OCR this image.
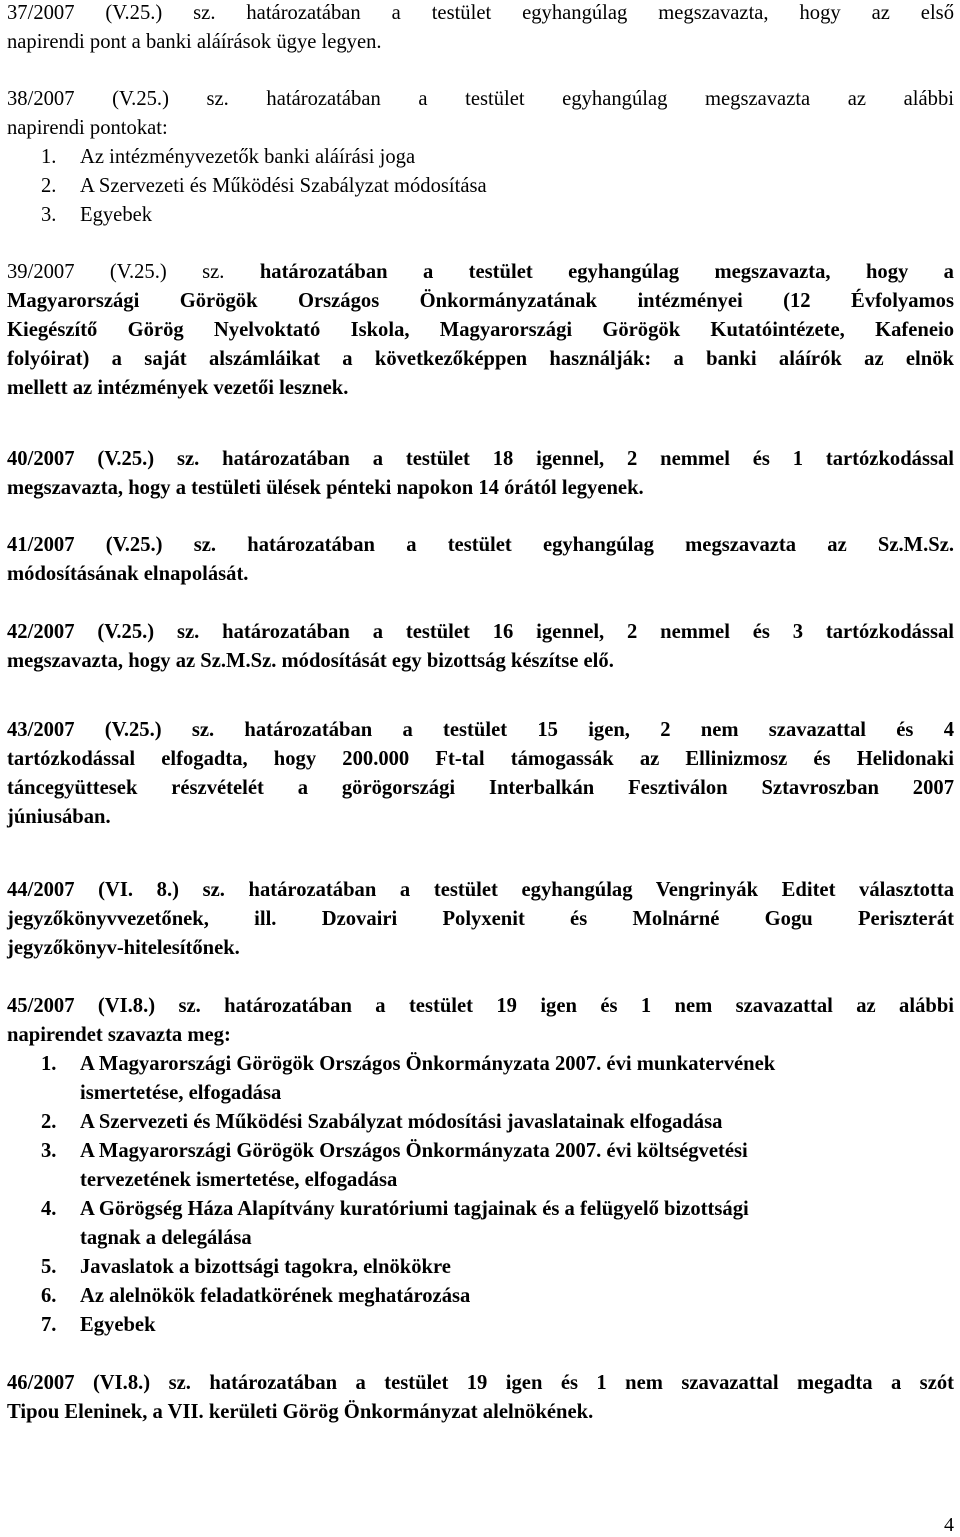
37/2007 (V.25.) sz. határozatában a testület egyhangúlag megszavazta, hogy az első
napirendi pont a banki aláírások ügye legyen.

38/2007 (V.25.) sz. határozatában a testület egyhangúlag megszavazta az alábbi
napirendi pontokat:

1. Az intézményvezetők banki aláírási joga
2. A Szervezeti és Működési Szabályzat módosítása
3. Egyebek

39/2007 (V.25.) sz. határozatában a testület egyhangúlag megszavazta, hogy a
Magyarországi Görögök Országos Önkormányzatának intézményei (12 Évfolyamos
Kiegészítő Görög Nyelvoktató Iskola, Magyarországi Görögök Kutatóintézete, Kafeneio
folyóirat) a saját alszámláikat a következőképpen használják: a banki aláírók az elnök
mellett az intézmények vezetői lesznek.

40/2007 (V.25.) sz. határozatában a testület 18 igennel, 2 nemmel és 1 tartózkodással
megszavazta, hogy a testületi ülések pénteki napokon 14 órától legyenek.

41/2007 (V.25.) sz. határozatában a testület egyhangúlag megszavazta az Sz.M.Sz.
módosításának elnapolását.

42/2007 (V.25.) sz. határozatában a testület 16 igennel, 2 nemmel és 3 tartózkodással
megszavazta, hogy az Sz.M.Sz. módosítását egy bizottság készítse elő.

43/2007 (V.25.) sz. határozatában a testület 15 igen, 2 nem szavazattal és 4
tartózkodással elfogadta, hogy 200.000 Ft-tal támogassák az Ellinizmosz és Helidonaki
táncegyüttesek részvételét a görögországi Interbalkán Fesztiválon Sztavroszban 2007
júniusában.

44/2007 (VI. 8.) sz. határozatában a testület egyhangúlag Vengrinyák Editet választotta
jegyzőkönyvvezetőnek, ill. Dzovairi Polyxenit és Molnárné Gogu Periszterát
jegyzőkönyv-hitelesítőnek.

45/2007 (VI.8.) sz. határozatában a testület 19 igen és 1 nem szavazattal az alábbi
napirendet szavazta meg:

1. A Magyarországi Görögök Országos Önkormányzata 2007. évi munkatervének
ismertetése, elfogadása
2. A Szervezeti és Működési Szabályzat módosítási javaslatainak elfogadása
3. A Magyarországi Görögök Országos Önkormányzata 2007. évi költségvetési
tervezetének ismertetése, elfogadása
4. A Görögség Háza Alapítvány kuratóriumi tagjainak és a felügyelő bizottsági
tagnak a delegálása
5. Javaslatok a bizottsági tagokra, elnökökre
6. Az alelnökök feladatkörének meghatározása
7. Egyebek

46/2007 (VI.8.) sz. határozatában a testület 19 igen és 1 nem szavazattal megadta a szót
Tipou Eleninek, a VII. kerületi Görög Önkormányzat alelnökének.

4
